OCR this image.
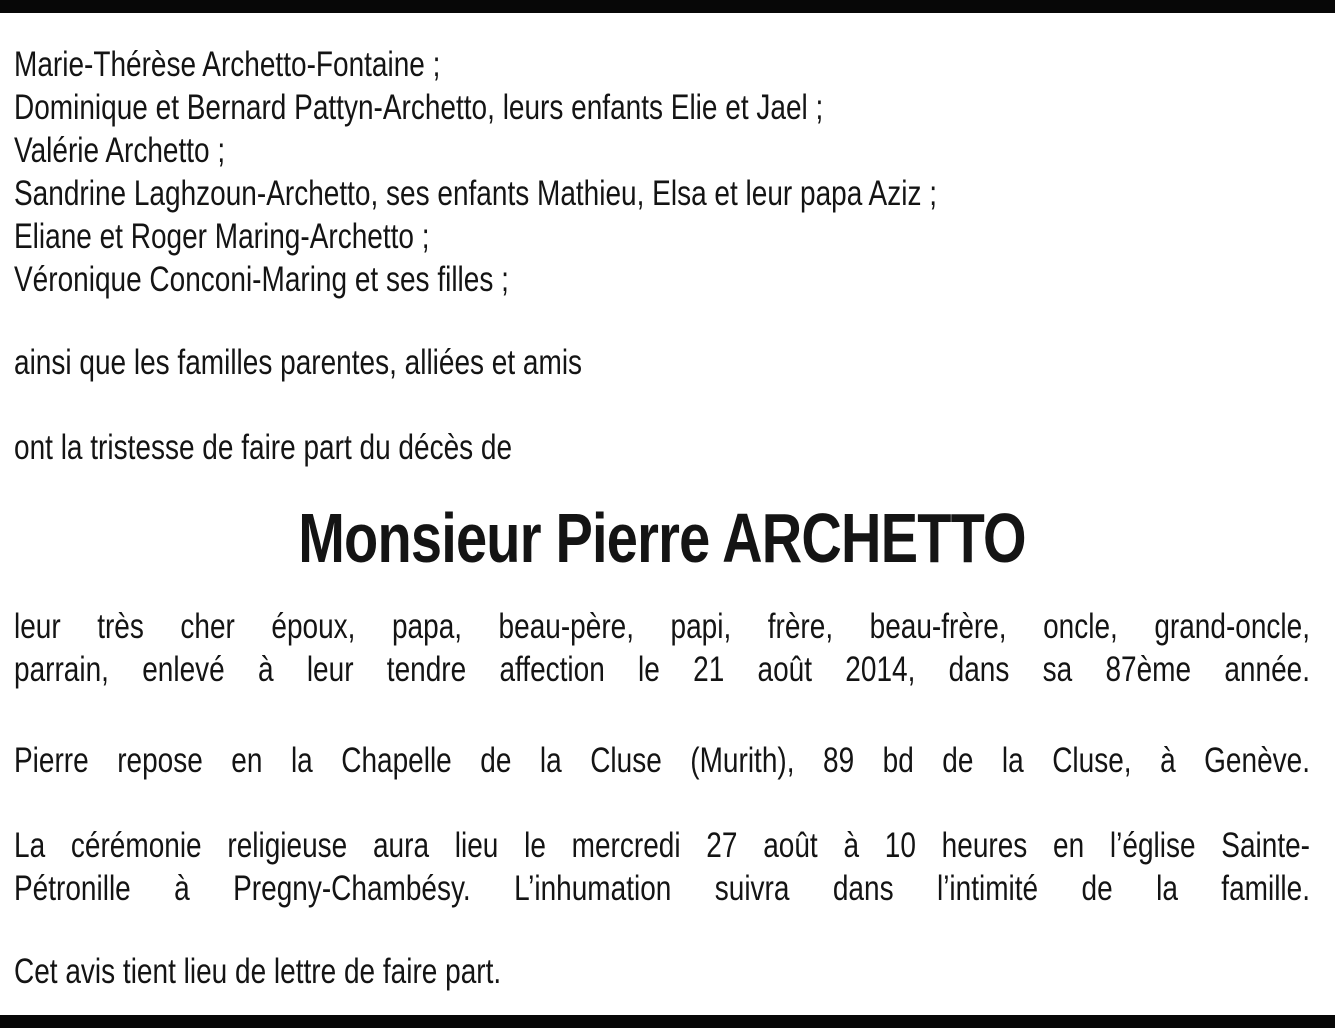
Marie-Thérèse Archetto-Fontaine ;
Dominique et Bernard Pattyn-Archetto, leurs enfants Elie et Jael ;
Valérie Archetto ;
Sandrine Laghzoun-Archetto, ses enfants Mathieu, Elsa et leur papa Aziz ;
Eliane et Roger Maring-Archetto ;
Véronique Conconi-Maring et ses filles ;
ainsi que les familles parentes, alliées et amis
ont la tristesse de faire part du décès de
Monsieur Pierre ARCHETTO
leur très cher époux, papa, beau-père, papi, frère, beau-frère, oncle, grand-oncle,
parrain, enlevé à leur tendre affection le 21 août 2014, dans sa 87ème année.
Pierre repose en la Chapelle de la Cluse (Murith), 89 bd de la Cluse, à Genève.
La cérémonie religieuse aura lieu le mercredi 27 août à 10 heures en l’église Sainte-
Pétronille à Pregny-Chambésy. L’inhumation suivra dans l’intimité de la famille.
Cet avis tient lieu de lettre de faire part.
